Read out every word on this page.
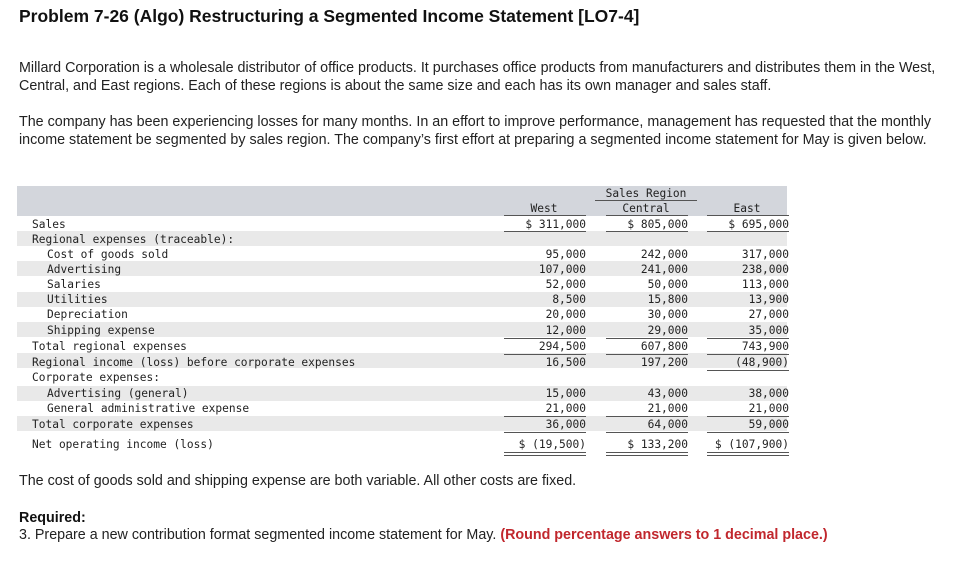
Problem 7-26 (Algo) Restructuring a Segmented Income Statement [LO7-4]
Millard Corporation is a wholesale distributor of office products. It purchases office products from manufacturers and distributes them in the West, Central, and East regions. Each of these regions is about the same size and each has its own manager and sales staff.
The company has been experiencing losses for many months. In an effort to improve performance, management has requested that the monthly income statement be segmented by sales region. The company’s first effort at preparing a segmented income statement for May is given below.
Sales Region
West	Central	East
Sales	$ 311,000	$ 805,000	$ 695,000
Regional expenses (traceable):
Cost of goods sold	95,000	242,000	317,000
Advertising	107,000	241,000	238,000
Salaries	52,000	50,000	113,000
Utilities	8,500	15,800	13,900
Depreciation	20,000	30,000	27,000
Shipping expense	12,000	29,000	35,000
Total regional expenses	294,500	607,800	743,900
Regional income (loss) before corporate expenses	16,500	197,200	(48,900)
Corporate expenses:
Advertising (general)	15,000	43,000	38,000
General administrative expense	21,000	21,000	21,000
Total corporate expenses	36,000	64,000	59,000
Net operating income (loss)	$ (19,500)	$ 133,200	$ (107,900)
The cost of goods sold and shipping expense are both variable. All other costs are fixed.
Required:
3. Prepare a new contribution format segmented income statement for May. (Round percentage answers to 1 decimal place.)
